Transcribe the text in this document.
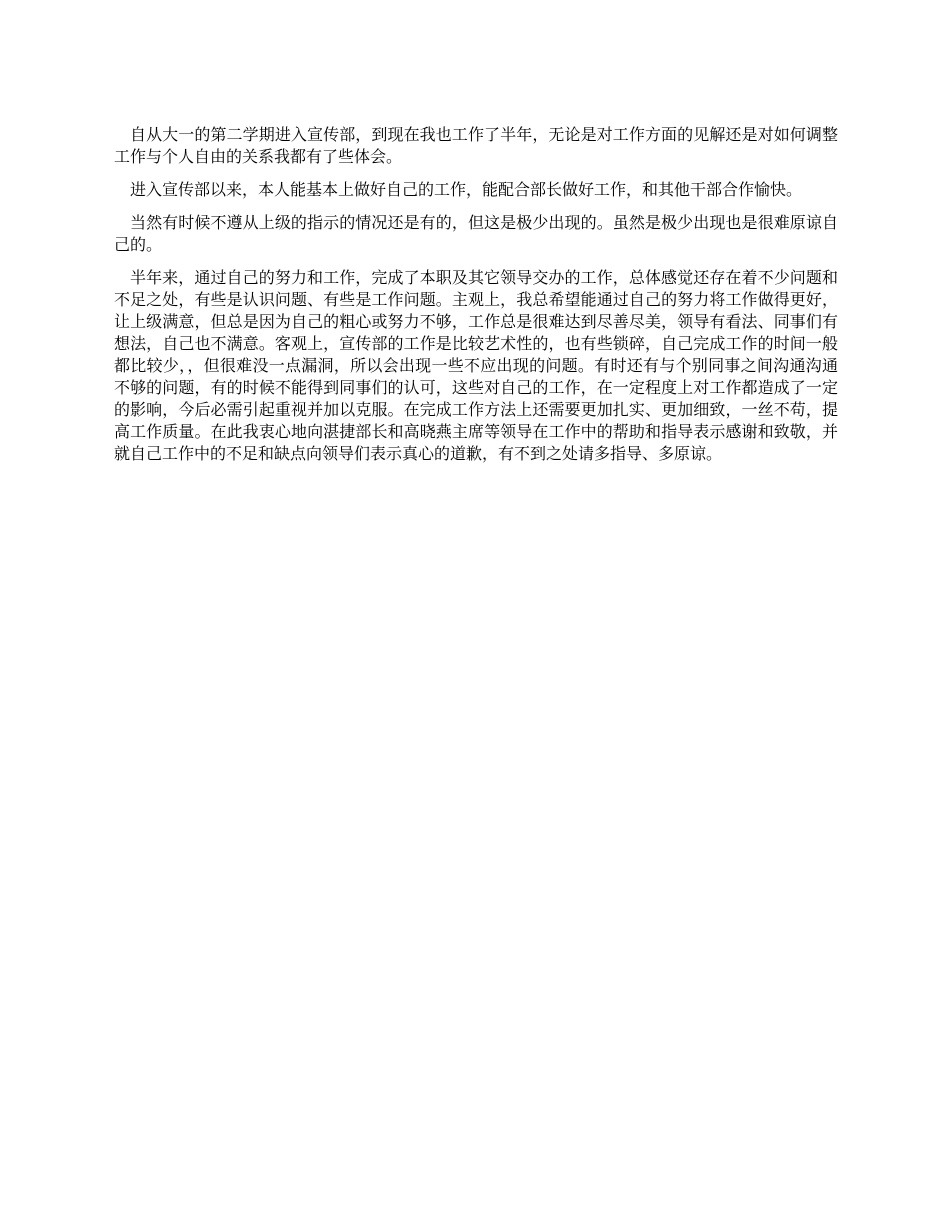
自从大一的第二学期进入宣传部，到现在我也工作了半年，无论是对工作方面的见解还是对如何调整工作与个人自由的关系我都有了些体会。

进入宣传部以来，本人能基本上做好自己的工作，能配合部长做好工作，和其他干部合作愉快。

当然有时候不遵从上级的指示的情况还是有的，但这是极少出现的。虽然是极少出现也是很难原谅自己的。

半年来，通过自己的努力和工作，完成了本职及其它领导交办的工作，总体感觉还存在着不少问题和不足之处，有些是认识问题、有些是工作问题。主观上，我总希望能通过自己的努力将工作做得更好，让上级满意，但总是因为自己的粗心或努力不够，工作总是很难达到尽善尽美，领导有看法、同事们有想法，自己也不满意。客观上，宣传部的工作是比较艺术性的，也有些锁碎，自己完成工作的时间一般都比较少，，但很难没一点漏洞，所以会出现一些不应出现的问题。有时还有与个别同事之间沟通沟通不够的问题，有的时候不能得到同事们的认可，这些对自己的工作，在一定程度上对工作都造成了一定的影响，今后必需引起重视并加以克服。在完成工作方法上还需要更加扎实、更加细致，一丝不苟，提高工作质量。在此我衷心地向湛捷部长和高晓燕主席等领导在工作中的帮助和指导表示感谢和致敬，并就自己工作中的不足和缺点向领导们表示真心的道歉，有不到之处请多指导、多原谅。
